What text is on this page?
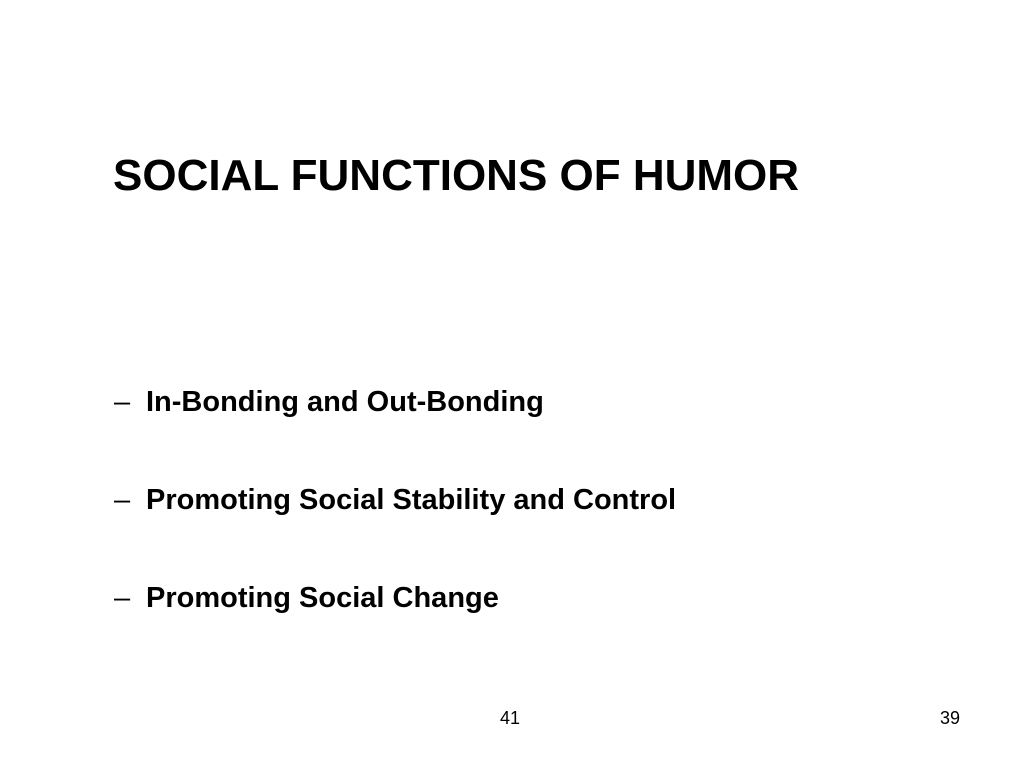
SOCIAL FUNCTIONS OF HUMOR
– In-Bonding and Out-Bonding
– Promoting Social Stability and Control
– Promoting Social Change
41	39
